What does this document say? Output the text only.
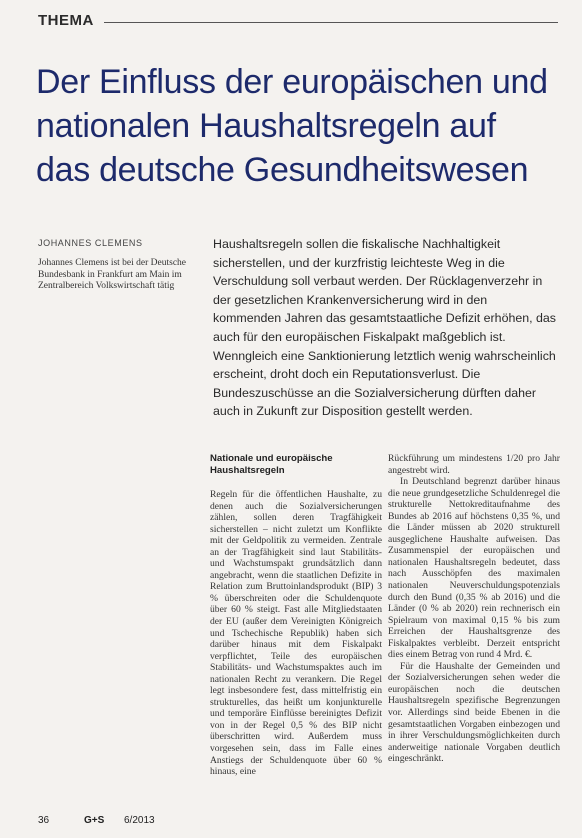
THEMA
Der Einfluss der europäischen und nationalen Haushaltsregeln auf das deutsche Gesundheitswesen
JOHANNES CLEMENS
Johannes Clemens ist bei der Deutsche Bundesbank in Frankfurt am Main im Zentralbereich Volkswirtschaft tätig
Haushaltsregeln sollen die fiskalische Nachhaltigkeit sicherstellen, und der kurzfristig leichteste Weg in die Verschuldung soll verbaut werden. Der Rücklagenverzehr in der gesetzlichen Krankenversicherung wird in den kommenden Jahren das gesamtstaatliche Defizit erhöhen, das auch für den europäischen Fiskalpakt maßgeblich ist. Wenngleich eine Sanktionierung letztlich wenig wahrscheinlich erscheint, droht doch ein Reputationsverlust. Die Bundeszuschüsse an die Sozialversicherung dürften daher auch in Zukunft zur Disposition gestellt werden.
Nationale und europäische Haushaltsregeln

Regeln für die öffentlichen Haushalte, zu denen auch die Sozialversicherungen zählen, sollen deren Tragfähigkeit sicherstellen – nicht zuletzt um Konflikte mit der Geldpolitik zu vermeiden. Zentrale an der Tragfähigkeit sind laut Stabilitäts- und Wachstumspakt grundsätzlich dann angebracht, wenn die staatlichen Defizite in Relation zum Bruttoinlandsprodukt (BIP) 3 % überschreiten oder die Schuldenquote über 60 % steigt. Fast alle Mitgliedstaaten der EU (außer dem Vereinigten Königreich und Tschechische Republik) haben sich darüber hinaus mit dem Fiskalpakt verpflichtet, Teile des europäischen Stabilitäts- und Wachstumspaktes auch im nationalen Recht zu verankern. Die Regel legt insbesondere fest, dass mittelfristig ein strukturelles, das heißt um konjunkturelle und temporäre Einflüsse bereinigtes Defizit von in der Regel 0,5 % des BIP nicht überschritten wird. Außerdem muss vorgesehen sein, dass im Falle eines Anstiegs der Schuldenquote über 60 % hinaus, eine

Rückführung um mindestens 1/20 pro Jahr angestrebt wird.

In Deutschland begrenzt darüber hinaus die neue grundgesetzliche Schuldenregel die strukturelle Nettokreditaufnahme des Bundes ab 2016 auf höchstens 0,35 %, und die Länder müssen ab 2020 strukturell ausgeglichene Haushalte aufweisen. Das Zusammenspiel der europäischen und nationalen Haushaltsregeln bedeutet, dass nach Ausschöpfen des maximalen nationalen Neuverschuldungspotenzials durch den Bund (0,35 % ab 2016) und die Länder (0 % ab 2020) rein rechnerisch ein Spielraum von maximal 0,15 % bis zum Erreichen der Haushaltsgrenze des Fiskalpaktes verbleibt. Derzeit entspricht dies einem Betrag von rund 4 Mrd. €.

Für die Haushalte der Gemeinden und der Sozialversicherungen sehen weder die europäischen noch die deutschen Haushaltsregeln spezifische Begrenzungen vor. Allerdings sind beide Ebenen in die gesamtstaatlichen Vorgaben einbezogen und in ihrer Verschuldungsmöglichkeiten durch anderweitige nationale Vorgaben deutlich eingeschränkt.

36	G+S 6/2013
